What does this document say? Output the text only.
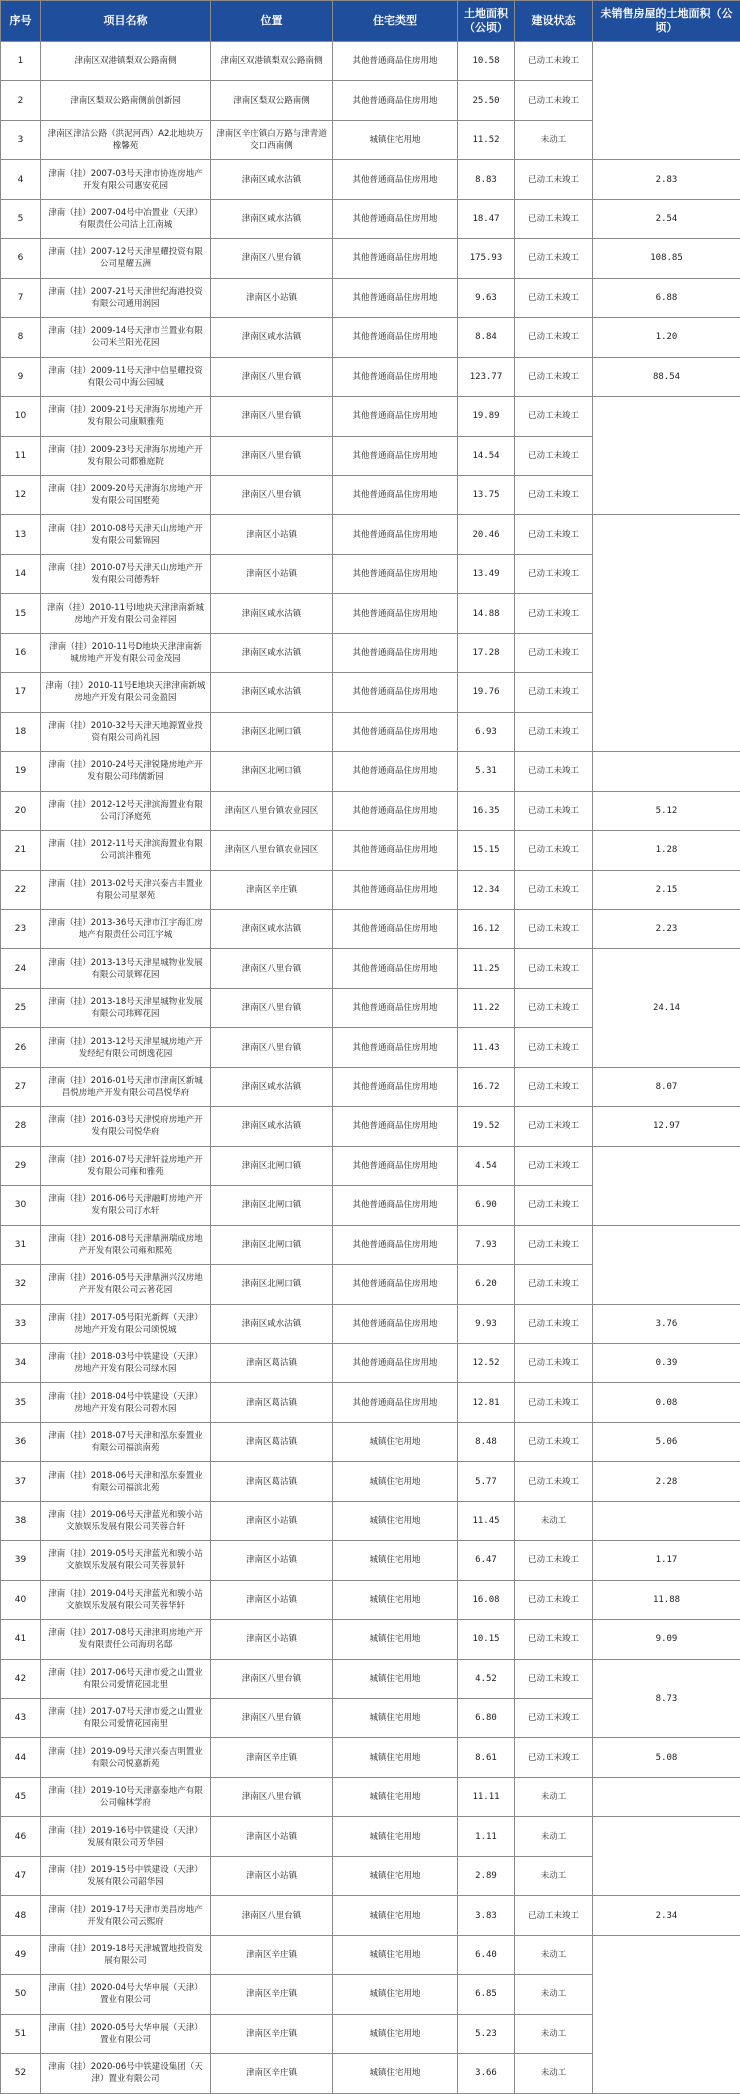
序号	项目名称	位置	住宅类型	土地面积（公顷）	建设状态	未销售房屋的土地面积（公顷）
1	津南区双港镇梨双公路南侧	津南区双港镇梨双公路南侧	其他普通商品住房用地	10.58	已动工未竣工	
2	津南区梨双公路南侧前创新园	津南区梨双公路南侧	其他普通商品住房用地	25.50	已动工未竣工	
3	津南区津沽公路（洪泥河西）A2北地块万橡馨苑	津南区辛庄镇白万路与津青道交口西南侧	城镇住宅用地	11.52	未动工	
4	津南（挂）2007-03号天津市协连房地产开发有限公司惠安花园	津南区咸水沽镇	其他普通商品住房用地	8.83	已动工未竣工	2.83
5	津南（挂）2007-04号中冶置业（天津）有限责任公司沽上江南城	津南区咸水沽镇	其他普通商品住房用地	18.47	已动工未竣工	2.54
6	津南（挂）2007-12号天津星耀投资有限公司星耀五洲	津南区八里台镇	其他普通商品住房用地	175.93	已动工未竣工	108.85
7	津南（挂）2007-21号天津世纪海港投资有限公司通用润园	津南区小站镇	其他普通商品住房用地	9.63	已动工未竣工	6.88
8	津南（挂）2009-14号天津市兰置业有限公司米兰阳光花园	津南区咸水沽镇	其他普通商品住房用地	8.84	已动工未竣工	1.20
9	津南（挂）2009-11号天津中信星耀投资有限公司中海公园城	津南区八里台镇	其他普通商品住房用地	123.77	已动工未竣工	88.54
10	津南（挂）2009-21号天津海尔房地产开发有限公司康顺雅苑	津南区八里台镇	其他普通商品住房用地	19.89	已动工未竣工	
11	津南（挂）2009-23号天津海尔房地产开发有限公司都雅庭院	津南区八里台镇	其他普通商品住房用地	14.54	已动工未竣工	
12	津南（挂）2009-20号天津海尔房地产开发有限公司国墅苑	津南区八里台镇	其他普通商品住房用地	13.75	已动工未竣工	
13	津南（挂）2010-08号天津天山房地产开发有限公司紫锦园	津南区小站镇	其他普通商品住房用地	20.46	已动工未竣工	
14	津南（挂）2010-07号天津天山房地产开发有限公司德秀轩	津南区小站镇	其他普通商品住房用地	13.49	已动工未竣工	
15	津南（挂）2010-11号I地块天津津南新城房地产开发有限公司金祥园	津南区咸水沽镇	其他普通商品住房用地	14.88	已动工未竣工	
16	津南（挂）2010-11号D地块天津津南新城房地产开发有限公司金茂园	津南区咸水沽镇	其他普通商品住房用地	17.28	已动工未竣工	
17	津南（挂）2010-11号E地块天津津南新城房地产开发有限公司金盈园	津南区咸水沽镇	其他普通商品住房用地	19.76	已动工未竣工	
18	津南（挂）2010-32号天津天地源置业投资有限公司尚礼园	津南区北闸口镇	其他普通商品住房用地	6.93	已动工未竣工	
19	津南（挂）2010-24号天津锐隆房地产开发有限公司玮儒新园	津南区北闸口镇	其他普通商品住房用地	5.31	已动工未竣工	
20	津南（挂）2012-12号天津滨海置业有限公司汀泽庭苑	津南区八里台镇农业园区	其他普通商品住房用地	16.35	已动工未竣工	5.12
21	津南（挂）2012-11号天津滨海置业有限公司滨沣雅苑	津南区八里台镇农业园区	其他普通商品住房用地	15.15	已动工未竣工	1.28
22	津南（挂）2013-02号天津兴泰吉丰置业有限公司星翠苑	津南区辛庄镇	其他普通商品住房用地	12.34	已动工未竣工	2.15
23	津南（挂）2013-36号天津市江宇海汇房地产有限责任公司江宇城	津南区咸水沽镇	其他普通商品住房用地	16.12	已动工未竣工	2.23
24	津南（挂）2013-13号天津星城物业发展有限公司景辉花园	津南区八里台镇	其他普通商品住房用地	11.25	已动工未竣工	24.14
25	津南（挂）2013-18号天津星城物业发展有限公司玮辉花园	津南区八里台镇	其他普通商品住房用地	11.22	已动工未竣工	
26	津南（挂）2013-12号天津星城房地产开发经纪有限公司朗逸花园	津南区八里台镇	其他普通商品住房用地	11.43	已动工未竣工	
27	津南（挂）2016-01号天津市津南区新城昌悦房地产开发有限公司昌悦华府	津南区咸水沽镇	其他普通商品住房用地	16.72	已动工未竣工	8.07
28	津南（挂）2016-03号天津悦府房地产开发有限公司悦华府	津南区咸水沽镇	其他普通商品住房用地	19.52	已动工未竣工	12.97
29	津南（挂）2016-07号天津轩益房地产开发有限公司雍和雅苑	津南区北闸口镇	其他普通商品住房用地	4.54	已动工未竣工	
30	津南（挂）2016-06号天津融町房地产开发有限公司汀水轩	津南区北闸口镇	其他普通商品住房用地	6.90	已动工未竣工	
31	津南（挂）2016-08号天津鼎洲瑞成房地产开发有限公司雍和熙苑	津南区北闸口镇	其他普通商品住房用地	7.93	已动工未竣工	
32	津南（挂）2016-05号天津鼎洲兴汉房地产开发有限公司云著花园	津南区北闸口镇	其他普通商品住房用地	6.20	已动工未竣工	
33	津南（挂）2017-05号阳光新辉（天津）房地产开发有限公司颂悦城	津南区咸水沽镇	其他普通商品住房用地	9.93	已动工未竣工	3.76
34	津南（挂）2018-03号中铁建设（天津）房地产开发有限公司绿水园	津南区葛沽镇	其他普通商品住房用地	12.52	已动工未竣工	0.39
35	津南（挂）2018-04号中铁建设（天津）房地产开发有限公司碧水园	津南区葛沽镇	其他普通商品住房用地	12.81	已动工未竣工	0.08
36	津南（挂）2018-07号天津和泓东泰置业有限公司福滨南苑	津南区葛沽镇	城镇住宅用地	8.48	已动工未竣工	5.06
37	津南（挂）2018-06号天津和泓东泰置业有限公司福滨北苑	津南区葛沽镇	城镇住宅用地	5.77	已动工未竣工	2.28
38	津南（挂）2019-06号天津蓝光和骏小站文旅娱乐发展有限公司芙蓉合轩	津南区小站镇	城镇住宅用地	11.45	未动工	
39	津南（挂）2019-05号天津蓝光和骏小站文旅娱乐发展有限公司芙蓉景轩	津南区小站镇	城镇住宅用地	6.47	已动工未竣工	1.17
40	津南（挂）2019-04号天津蓝光和骏小站文旅娱乐发展有限公司芙蓉华轩	津南区小站镇	城镇住宅用地	16.08	已动工未竣工	11.88
41	津南（挂）2017-08号天津津玥房地产开发有限责任公司海玥名邸	津南区小站镇	城镇住宅用地	10.15	已动工未竣工	9.09
42	津南（挂）2017-06号天津市爱之山置业有限公司爱情花园北里	津南区八里台镇	城镇住宅用地	4.52	已动工未竣工	8.73
43	津南（挂）2017-07号天津市爱之山置业有限公司爱情花园南里	津南区八里台镇	城镇住宅用地	6.80	已动工未竣工	
44	津南（挂）2019-09号天津兴泰吉明置业有限公司悦嘉新苑	津南区辛庄镇	城镇住宅用地	8.61	已动工未竣工	5.08
45	津南（挂）2019-10号天津嘉泰地产有限公司翰林学府	津南区八里台镇	城镇住宅用地	11.11	未动工	
46	津南（挂）2019-16号中铁建设（天津）发展有限公司芳华园	津南区小站镇	城镇住宅用地	1.11	未动工	
47	津南（挂）2019-15号中铁建设（天津）发展有限公司韶华园	津南区小站镇	城镇住宅用地	2.89	未动工	
48	津南（挂）2019-17号天津市美昌房地产开发有限公司云熙府	津南区八里台镇	城镇住宅用地	3.83	已动工未竣工	2.34
49	津南（挂）2019-18号天津城置地投资发展有限公司	津南区辛庄镇	城镇住宅用地	6.40	未动工	
50	津南（挂）2020-04号大华申展（天津）置业有限公司	津南区辛庄镇	城镇住宅用地	6.85	未动工	
51	津南（挂）2020-05号大华申展（天津）置业有限公司	津南区辛庄镇	城镇住宅用地	5.23	未动工	
52	津南（挂）2020-06号中铁建设集团（天津）置业有限公司	津南区辛庄镇	城镇住宅用地	3.66	未动工	
